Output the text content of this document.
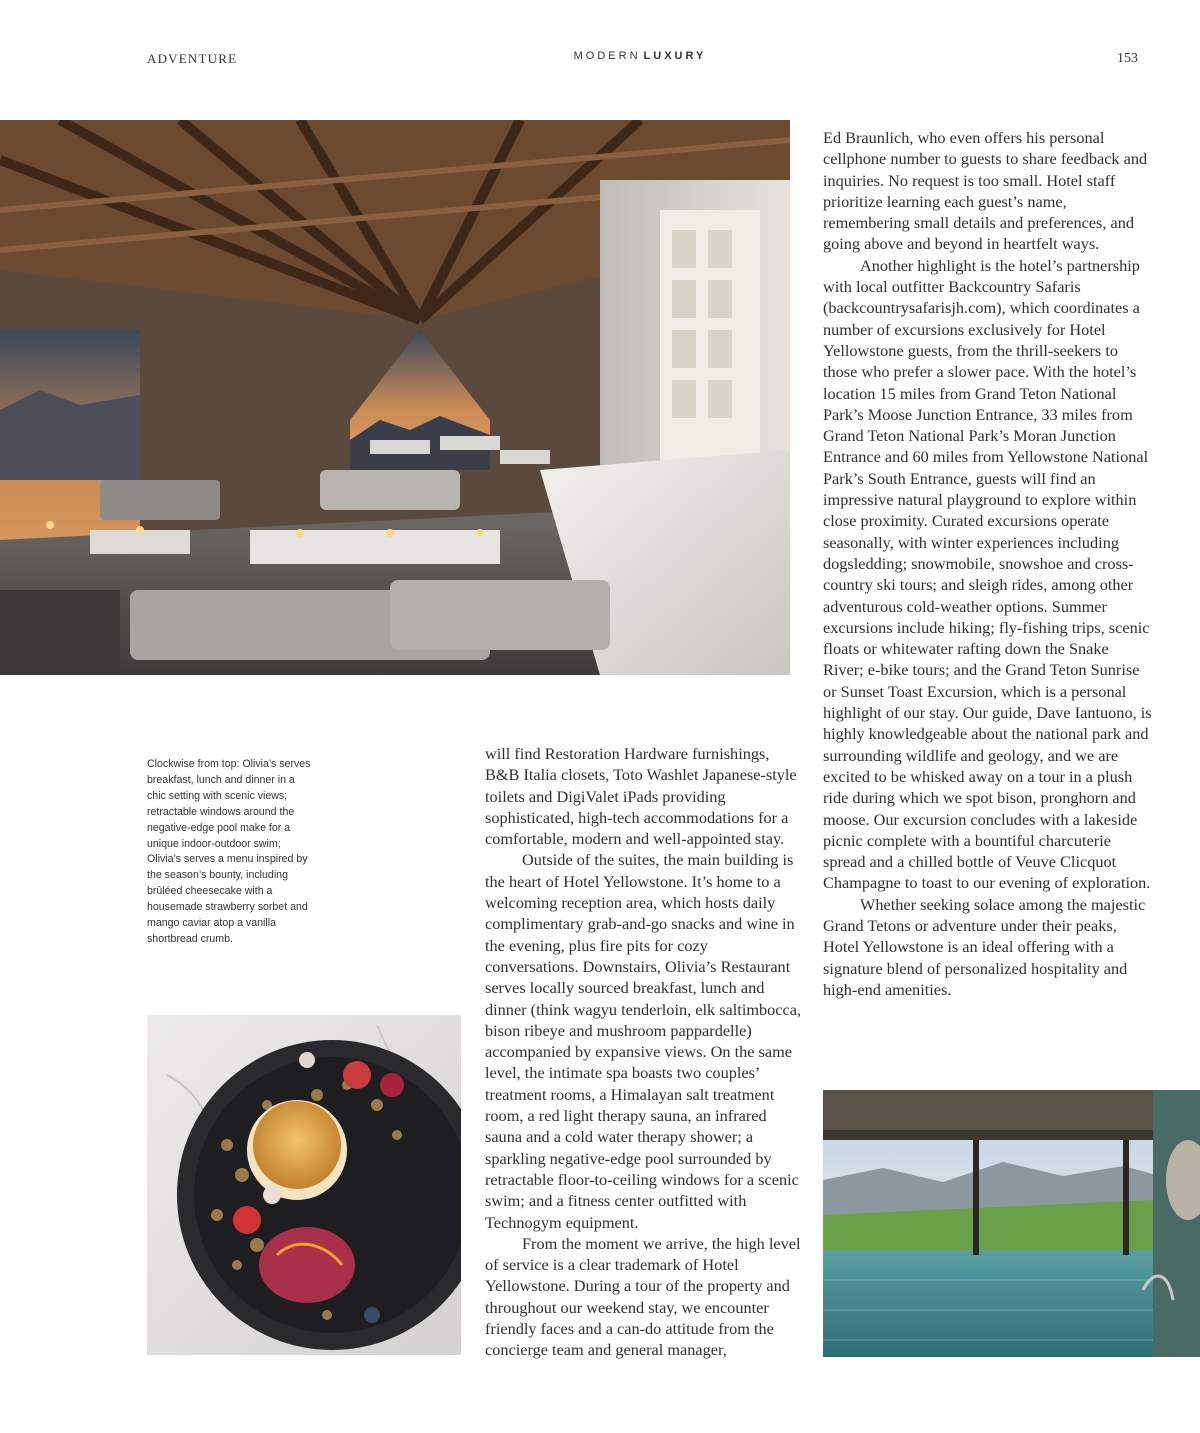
ADVENTURE	MODERN LUXURY	153
Clockwise from top: Olivia’s serves breakfast, lunch and dinner in a chic setting with scenic views; retractable windows around the negative-edge pool make for a unique indoor-outdoor swim; Olivia’s serves a menu inspired by the season’s bounty, including brûléed cheesecake with a housemade strawberry sorbet and mango caviar atop a vanilla shortbread crumb.

will find Restoration Hardware furnishings, B&B Italia closets, Toto Washlet Japanese-style toilets and DigiValet iPads providing sophisticated, high-tech accommodations for a comfortable, modern and well-appointed stay.

Outside of the suites, the main building is the heart of Hotel Yellowstone. It’s home to a welcoming reception area, which hosts daily complimentary grab-and-go snacks and wine in the evening, plus fire pits for cozy conversations. Downstairs, Olivia’s Restaurant serves locally sourced breakfast, lunch and dinner (think wagyu tenderloin, elk saltimbocca, bison ribeye and mushroom pappardelle) accompanied by expansive views. On the same level, the intimate spa boasts two couples’ treatment rooms, a Himalayan salt treatment room, a red light therapy sauna, an infrared sauna and a cold water therapy shower; a sparkling negative-edge pool surrounded by retractable floor-to-ceiling windows for a scenic swim; and a fitness center outfitted with Technogym equipment.

From the moment we arrive, the high level of service is a clear trademark of Hotel Yellowstone. During a tour of the property and throughout our weekend stay, we encounter friendly faces and a can-do attitude from the concierge team and general manager,

Ed Braunlich, who even offers his personal cellphone number to guests to share feedback and inquiries. No request is too small. Hotel staff prioritize learning each guest’s name, remembering small details and preferences, and going above and beyond in heartfelt ways.

Another highlight is the hotel’s partnership with local outfitter Backcountry Safaris (backcountrysafarisjh.com), which coordinates a number of excursions exclusively for Hotel Yellowstone guests, from the thrill-seekers to those who prefer a slower pace. With the hotel’s location 15 miles from Grand Teton National Park’s Moose Junction Entrance, 33 miles from Grand Teton National Park’s Moran Junction Entrance and 60 miles from Yellowstone National Park’s South Entrance, guests will find an impressive natural playground to explore within close proximity. Curated excursions operate seasonally, with winter experiences including dogsledding; snowmobile, snowshoe and cross-country ski tours; and sleigh rides, among other adventurous cold-weather options. Summer excursions include hiking; fly-fishing trips, scenic floats or whitewater rafting down the Snake River; e-bike tours; and the Grand Teton Sunrise or Sunset Toast Excursion, which is a personal highlight of our stay. Our guide, Dave Iantuono, is highly knowledgeable about the national park and surrounding wildlife and geology, and we are excited to be whisked away on a tour in a plush ride during which we spot bison, pronghorn and moose. Our excursion concludes with a lakeside picnic complete with a bountiful charcuterie spread and a chilled bottle of Veuve Clicquot Champagne to toast to our evening of exploration.

Whether seeking solace among the majestic Grand Tetons or adventure under their peaks, Hotel Yellowstone is an ideal offering with a signature blend of personalized hospitality and high-end amenities.
